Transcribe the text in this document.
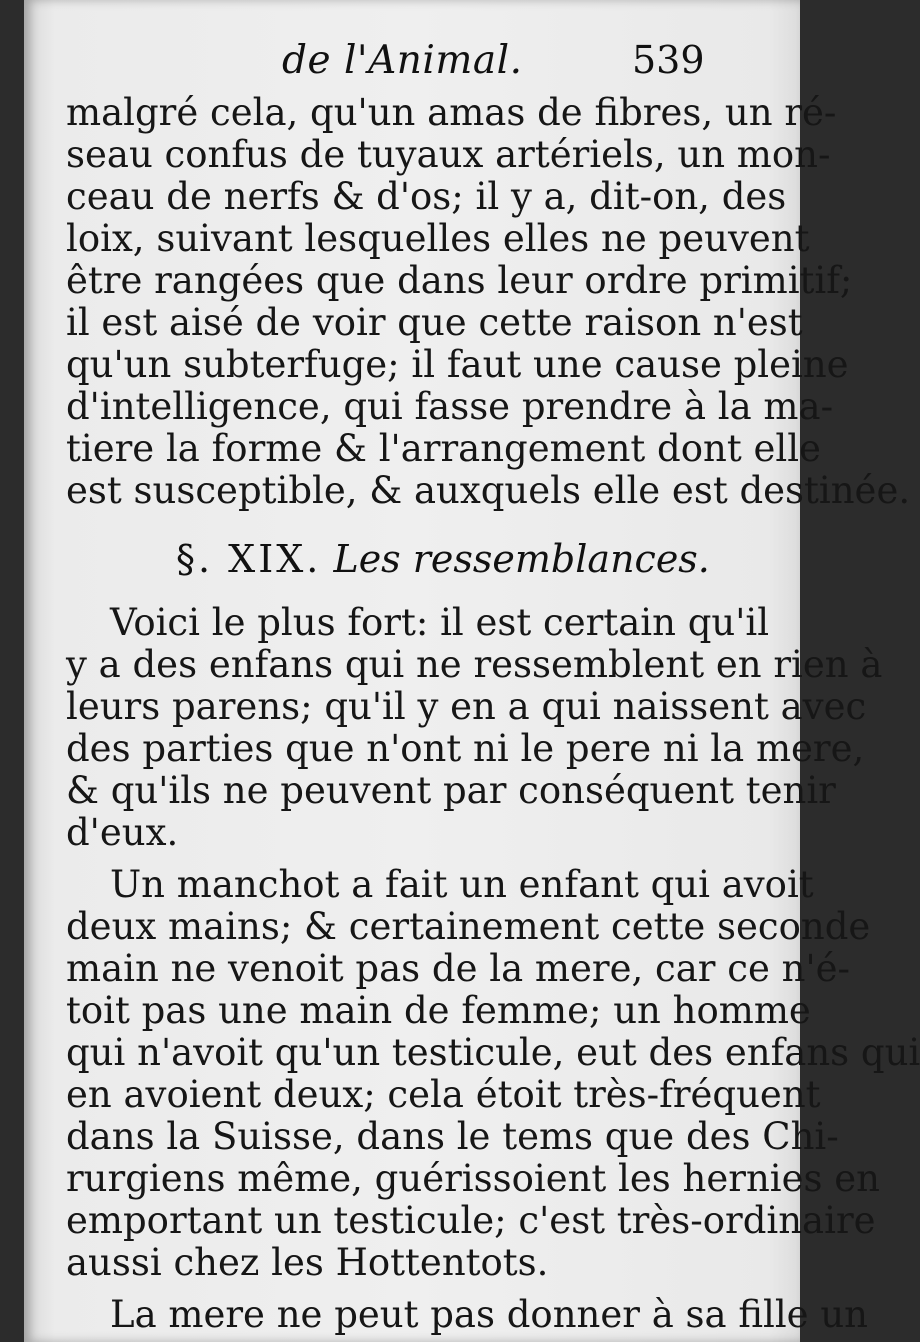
de l'Animal.	539
malgré cela, qu'un amas de fibres, un ré-
seau confus de tuyaux artériels, un mon-
ceau de nerfs & d'os; il y a, dit-on, des
loix, suivant lesquelles elles ne peuvent
être rangées que dans leur ordre primitif;
il est aisé de voir que cette raison n'est
qu'un subterfuge; il faut une cause pleine
d'intelligence, qui fasse prendre à la ma-
tiere la forme & l'arrangement dont elle
est susceptible, & auxquels elle est destinée.
§. XIX. Les ressemblances.
Voici le plus fort: il est certain qu'il
y a des enfans qui ne ressemblent en rien à
leurs parens; qu'il y en a qui naissent avec
des parties que n'ont ni le pere ni la mere,
& qu'ils ne peuvent par conséquent tenir
d'eux.
Un manchot a fait un enfant qui avoit
deux mains; & certainement cette seconde
main ne venoit pas de la mere, car ce n'é-
toit pas une main de femme; un homme
qui n'avoit qu'un testicule, eut des enfans qui
en avoient deux; cela étoit très-fréquent
dans la Suisse, dans le tems que des Chi-
rurgiens même, guérissoient les hernies en
emportant un testicule; c'est très-ordinaire
aussi chez les Hottentots.
La mere ne peut pas donner à sa fille un
